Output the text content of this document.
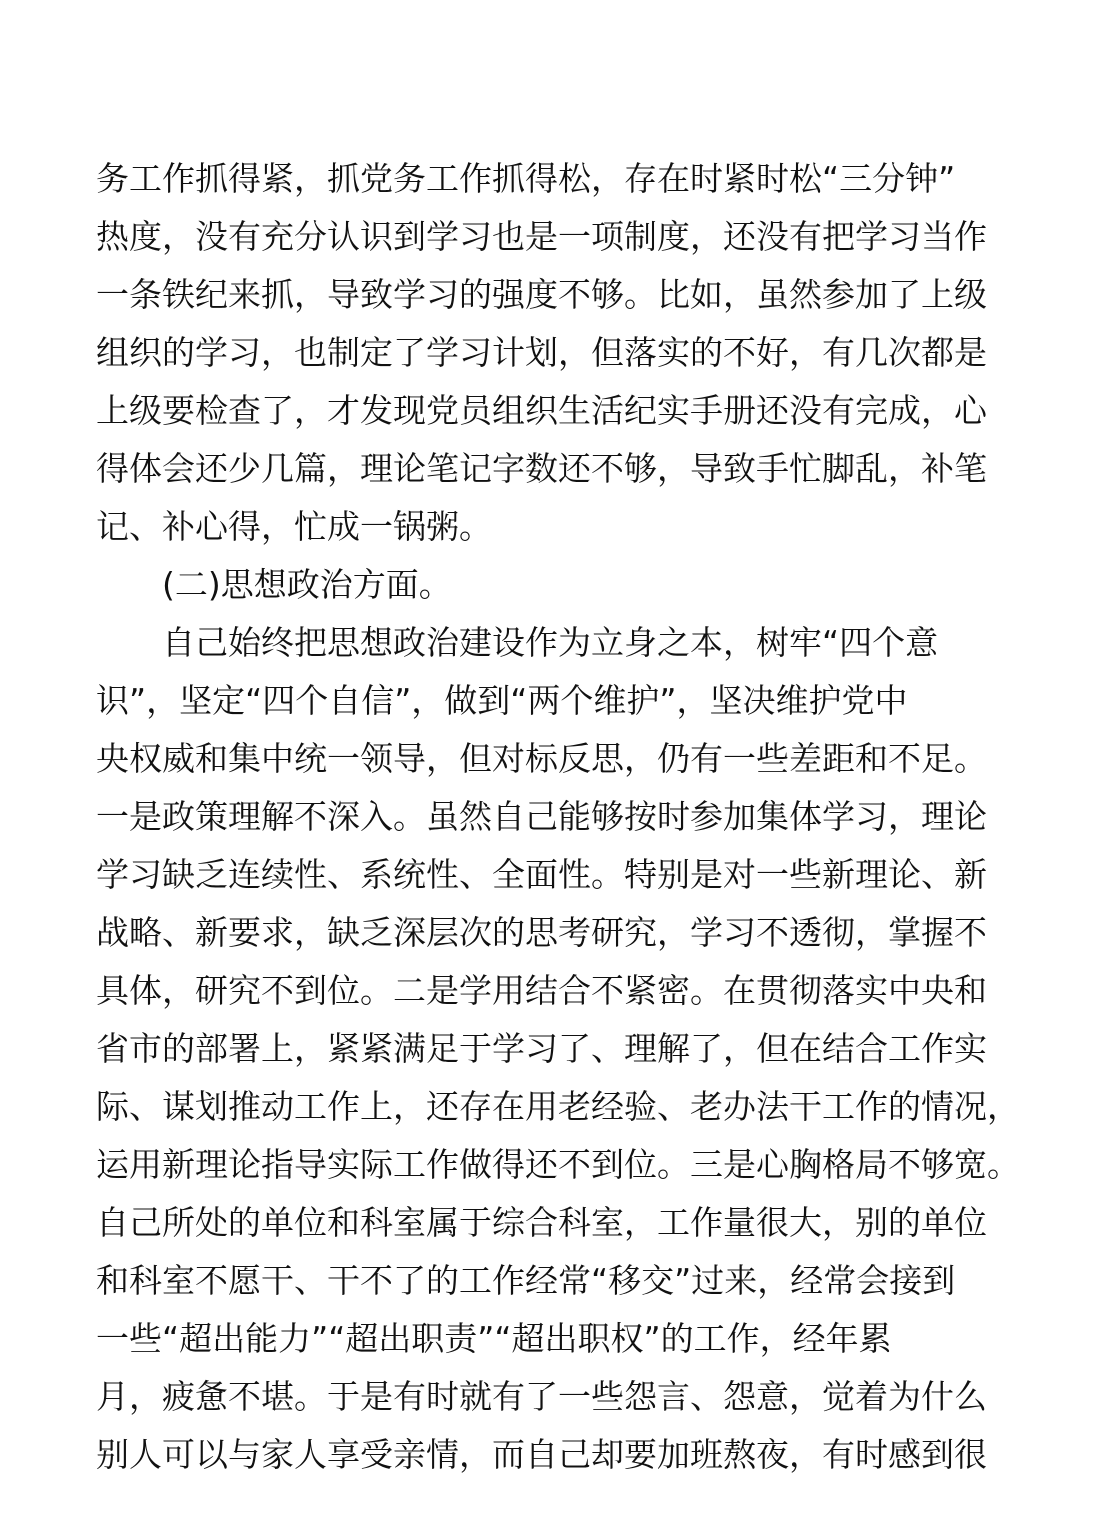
务工作抓得紧，抓党务工作抓得松，存在时紧时松“三分钟”
热度，没有充分认识到学习也是一项制度，还没有把学习当作
一条铁纪来抓，导致学习的强度不够。比如，虽然参加了上级
组织的学习，也制定了学习计划，但落实的不好，有几次都是
上级要检查了，才发现党员组织生活纪实手册还没有完成，心
得体会还少几篇，理论笔记字数还不够，导致手忙脚乱，补笔
记、补心得，忙成一锅粥。
(二)思想政治方面。
自己始终把思想政治建设作为立身之本，树牢“四个意
识”，坚定“四个自信”，做到“两个维护”，坚决维护党中
央权威和集中统一领导，但对标反思，仍有一些差距和不足。
一是政策理解不深入。虽然自己能够按时参加集体学习，理论
学习缺乏连续性、系统性、全面性。特别是对一些新理论、新
战略、新要求，缺乏深层次的思考研究，学习不透彻，掌握不
具体，研究不到位。二是学用结合不紧密。在贯彻落实中央和
省市的部署上，紧紧满足于学习了、理解了，但在结合工作实
际、谋划推动工作上，还存在用老经验、老办法干工作的情况，
运用新理论指导实际工作做得还不到位。三是心胸格局不够宽。
自己所处的单位和科室属于综合科室，工作量很大，别的单位
和科室不愿干、干不了的工作经常“移交”过来，经常会接到
一些“超出能力”“超出职责”“超出职权”的工作，经年累
月，疲惫不堪。于是有时就有了一些怨言、怨意，觉着为什么
别人可以与家人享受亲情，而自己却要加班熬夜，有时感到很
